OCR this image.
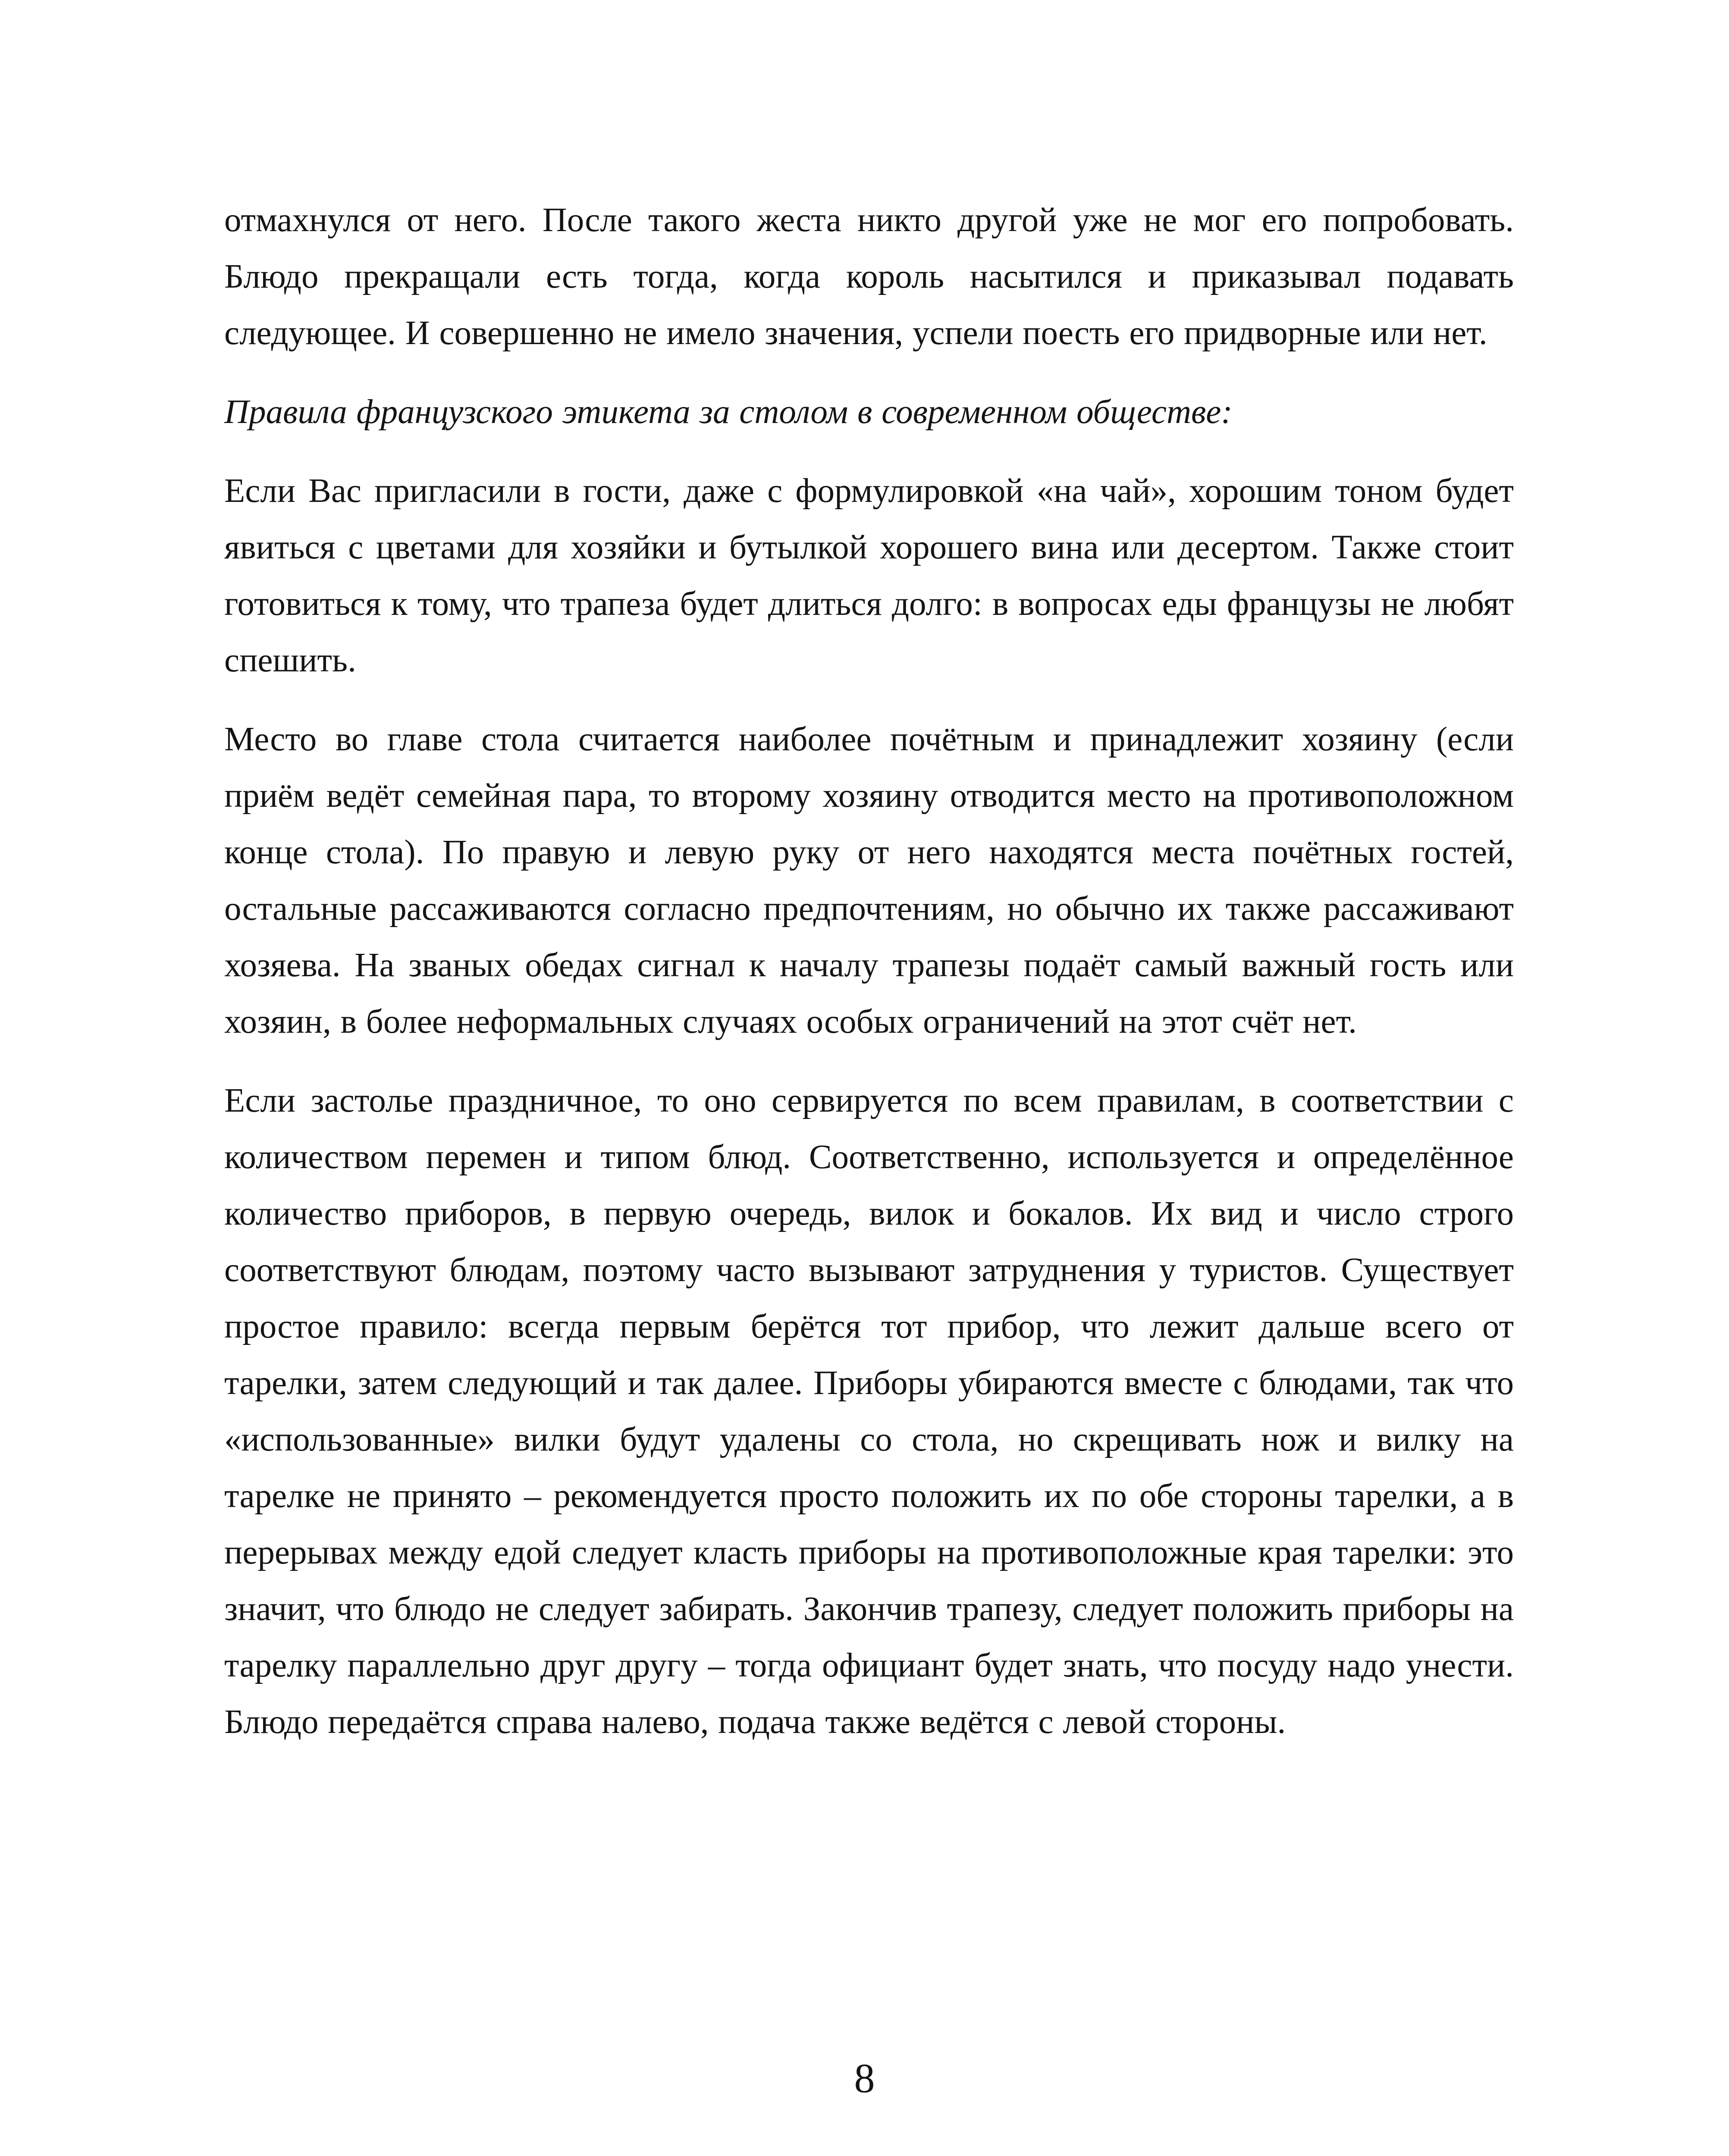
отмахнулся от него. После такого жеста никто другой уже не мог его попробовать. Блюдо прекращали есть тогда, когда король насытился и приказывал подавать следующее. И совершенно не имело значения, успели поесть его придворные или нет.

Правила французского этикета за столом в современном обществе:

Если Вас пригласили в гости, даже с формулировкой «на чай», хорошим тоном будет явиться с цветами для хозяйки и бутылкой хорошего вина или десертом. Также стоит готовиться к тому, что трапеза будет длиться долго: в вопросах еды французы не любят спешить.

Место во главе стола считается наиболее почётным и принадлежит хозяину (если приём ведёт семейная пара, то второму хозяину отводится место на противоположном конце стола). По правую и левую руку от него находятся места почётных гостей, остальные рассаживаются согласно предпочтениям, но обычно их также рассаживают хозяева. На званых обедах сигнал к началу трапезы подаёт самый важный гость или хозяин, в более неформальных случаях особых ограничений на этот счёт нет.

Если застолье праздничное, то оно сервируется по всем правилам, в соответствии с количеством перемен и типом блюд. Соответственно, используется и определённое количество приборов, в первую очередь, вилок и бокалов. Их вид и число строго соответствуют блюдам, поэтому часто вызывают затруднения у туристов. Существует простое правило: всегда первым берётся тот прибор, что лежит дальше всего от тарелки, затем следующий и так далее. Приборы убираются вместе с блюдами, так что «использованные» вилки будут удалены со стола, но скрещивать нож и вилку на тарелке не принято – рекомендуется просто положить их по обе стороны тарелки, а в перерывах между едой следует класть приборы на противоположные края тарелки: это значит, что блюдо не следует забирать. Закончив трапезу, следует положить приборы на тарелку параллельно друг другу – тогда официант будет знать, что посуду надо унести. Блюдо передаётся справа налево, подача также ведётся с левой стороны.

8
